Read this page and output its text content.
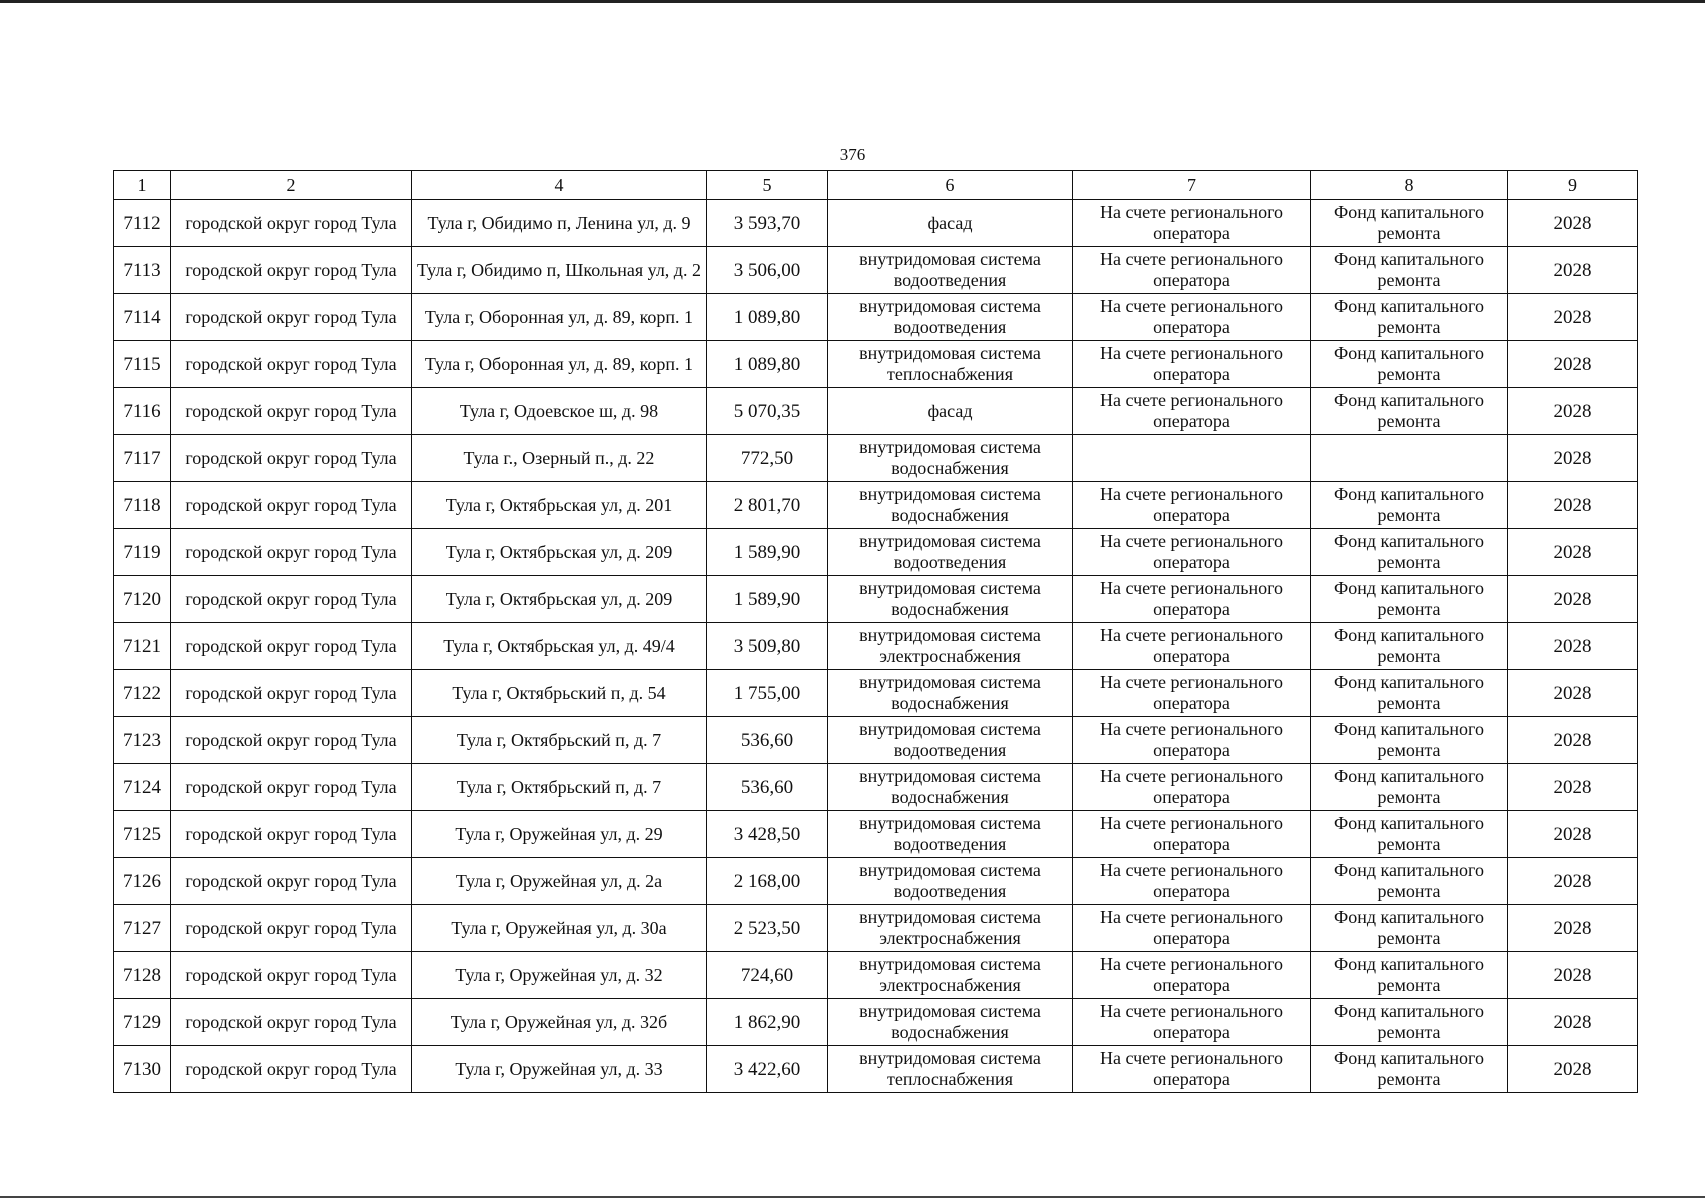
376
1	2	4	5	6	7	8	9
7112	городской округ город Тула	Тула г, Обидимо п, Ленина ул, д. 9	3 593,70	фасад	На счете регионального оператора	Фонд капитального ремонта	2028
7113	городской округ город Тула	Тула г, Обидимо п, Школьная ул, д. 2	3 506,00	внутридомовая система водоотведения	На счете регионального оператора	Фонд капитального ремонта	2028
7114	городской округ город Тула	Тула г, Оборонная ул, д. 89, корп. 1	1 089,80	внутридомовая система водоотведения	На счете регионального оператора	Фонд капитального ремонта	2028
7115	городской округ город Тула	Тула г, Оборонная ул, д. 89, корп. 1	1 089,80	внутридомовая система теплоснабжения	На счете регионального оператора	Фонд капитального ремонта	2028
7116	городской округ город Тула	Тула г, Одоевское ш, д. 98	5 070,35	фасад	На счете регионального оператора	Фонд капитального ремонта	2028
7117	городской округ город Тула	Тула г., Озерный п., д. 22	772,50	внутридомовая система водоснабжения			2028
7118	городской округ город Тула	Тула г, Октябрьская ул, д. 201	2 801,70	внутридомовая система водоснабжения	На счете регионального оператора	Фонд капитального ремонта	2028
7119	городской округ город Тула	Тула г, Октябрьская ул, д. 209	1 589,90	внутридомовая система водоотведения	На счете регионального оператора	Фонд капитального ремонта	2028
7120	городской округ город Тула	Тула г, Октябрьская ул, д. 209	1 589,90	внутридомовая система водоснабжения	На счете регионального оператора	Фонд капитального ремонта	2028
7121	городской округ город Тула	Тула г, Октябрьская ул, д. 49/4	3 509,80	внутридомовая система электроснабжения	На счете регионального оператора	Фонд капитального ремонта	2028
7122	городской округ город Тула	Тула г, Октябрьский п, д. 54	1 755,00	внутридомовая система водоснабжения	На счете регионального оператора	Фонд капитального ремонта	2028
7123	городской округ город Тула	Тула г, Октябрьский п, д. 7	536,60	внутридомовая система водоотведения	На счете регионального оператора	Фонд капитального ремонта	2028
7124	городской округ город Тула	Тула г, Октябрьский п, д. 7	536,60	внутридомовая система водоснабжения	На счете регионального оператора	Фонд капитального ремонта	2028
7125	городской округ город Тула	Тула г, Оружейная ул, д. 29	3 428,50	внутридомовая система водоотведения	На счете регионального оператора	Фонд капитального ремонта	2028
7126	городской округ город Тула	Тула г, Оружейная ул, д. 2а	2 168,00	внутридомовая система водоотведения	На счете регионального оператора	Фонд капитального ремонта	2028
7127	городской округ город Тула	Тула г, Оружейная ул, д. 30а	2 523,50	внутридомовая система электроснабжения	На счете регионального оператора	Фонд капитального ремонта	2028
7128	городской округ город Тула	Тула г, Оружейная ул, д. 32	724,60	внутридомовая система электроснабжения	На счете регионального оператора	Фонд капитального ремонта	2028
7129	городской округ город Тула	Тула г, Оружейная ул, д. 32б	1 862,90	внутридомовая система водоснабжения	На счете регионального оператора	Фонд капитального ремонта	2028
7130	городской округ город Тула	Тула г, Оружейная ул, д. 33	3 422,60	внутридомовая система теплоснабжения	На счете регионального оператора	Фонд капитального ремонта	2028
